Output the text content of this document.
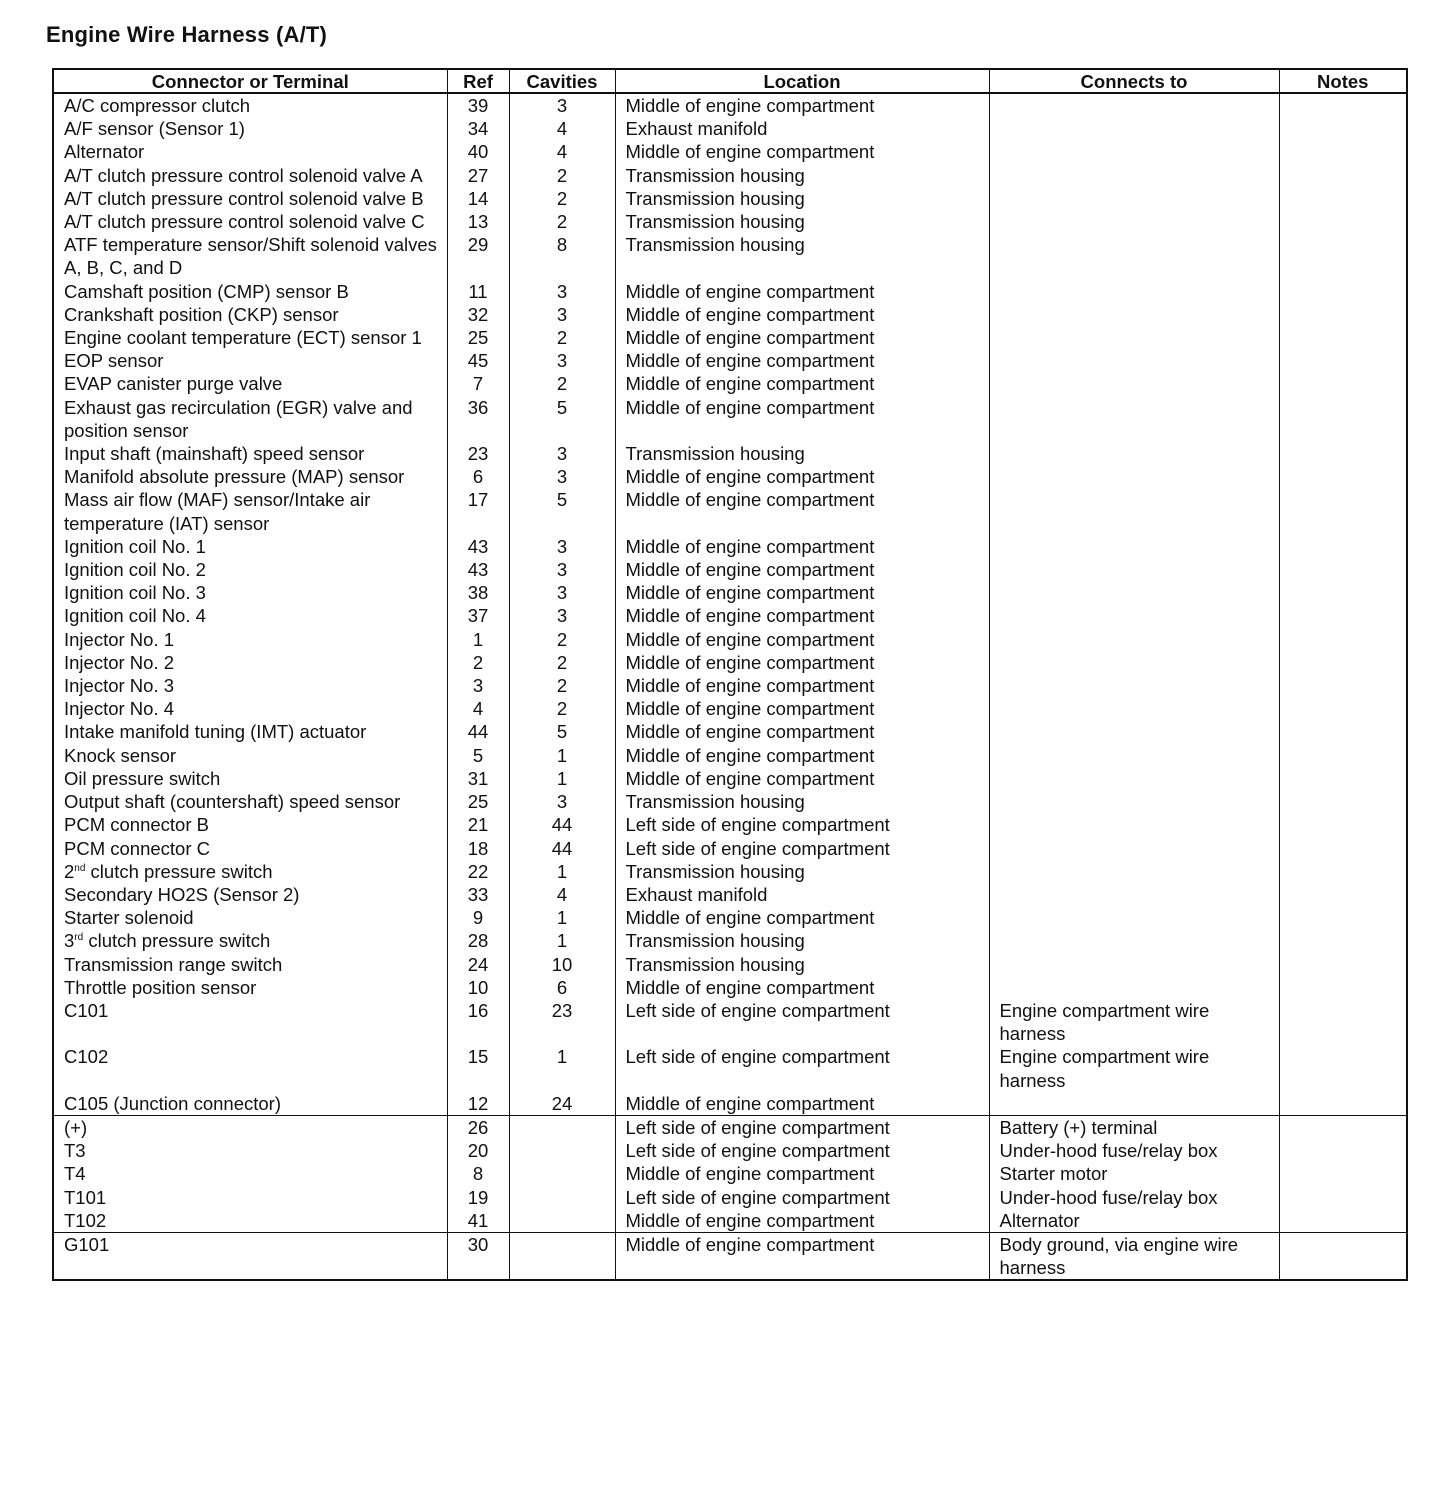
Engine Wire Harness (A/T)
Connector or Terminal	Ref	Cavities	Location	Connects to	Notes
A/C compressor clutch	39	3	Middle of engine compartment		
A/F sensor (Sensor 1)	34	4	Exhaust manifold		
Alternator	40	4	Middle of engine compartment		
A/T clutch pressure control solenoid valve A	27	2	Transmission housing		
A/T clutch pressure control solenoid valve B	14	2	Transmission housing		
A/T clutch pressure control solenoid valve C	13	2	Transmission housing		
ATF temperature sensor/Shift solenoid valves A, B, C, and D	29	8	Transmission housing		
Camshaft position (CMP) sensor B	11	3	Middle of engine compartment		
Crankshaft position (CKP) sensor	32	3	Middle of engine compartment		
Engine coolant temperature (ECT) sensor 1	25	2	Middle of engine compartment		
EOP sensor	45	3	Middle of engine compartment		
EVAP canister purge valve	7	2	Middle of engine compartment		
Exhaust gas recirculation (EGR) valve and position sensor	36	5	Middle of engine compartment		
Input shaft (mainshaft) speed sensor	23	3	Transmission housing		
Manifold absolute pressure (MAP) sensor	6	3	Middle of engine compartment		
Mass air flow (MAF) sensor/Intake air temperature (IAT) sensor	17	5	Middle of engine compartment		
Ignition coil No. 1	43	3	Middle of engine compartment		
Ignition coil No. 2	43	3	Middle of engine compartment		
Ignition coil No. 3	38	3	Middle of engine compartment		
Ignition coil No. 4	37	3	Middle of engine compartment		
Injector No. 1	1	2	Middle of engine compartment		
Injector No. 2	2	2	Middle of engine compartment		
Injector No. 3	3	2	Middle of engine compartment		
Injector No. 4	4	2	Middle of engine compartment		
Intake manifold tuning (IMT) actuator	44	5	Middle of engine compartment		
Knock sensor	5	1	Middle of engine compartment		
Oil pressure switch	31	1	Middle of engine compartment		
Output shaft (countershaft) speed sensor	25	3	Transmission housing		
PCM connector B	21	44	Left side of engine compartment		
PCM connector C	18	44	Left side of engine compartment		
2nd clutch pressure switch	22	1	Transmission housing		
Secondary HO2S (Sensor 2)	33	4	Exhaust manifold		
Starter solenoid	9	1	Middle of engine compartment		
3rd clutch pressure switch	28	1	Transmission housing		
Transmission range switch	24	10	Transmission housing		
Throttle position sensor	10	6	Middle of engine compartment		
C101	16	23	Left side of engine compartment	Engine compartment wire harness	
C102	15	1	Left side of engine compartment	Engine compartment wire harness	
C105 (Junction connector)	12	24	Middle of engine compartment		
(+)	26		Left side of engine compartment	Battery (+) terminal	
T3	20		Left side of engine compartment	Under-hood fuse/relay box	
T4	8		Middle of engine compartment	Starter motor	
T101	19		Left side of engine compartment	Under-hood fuse/relay box	
T102	41		Middle of engine compartment	Alternator	
G101	30		Middle of engine compartment	Body ground, via engine wire harness	
